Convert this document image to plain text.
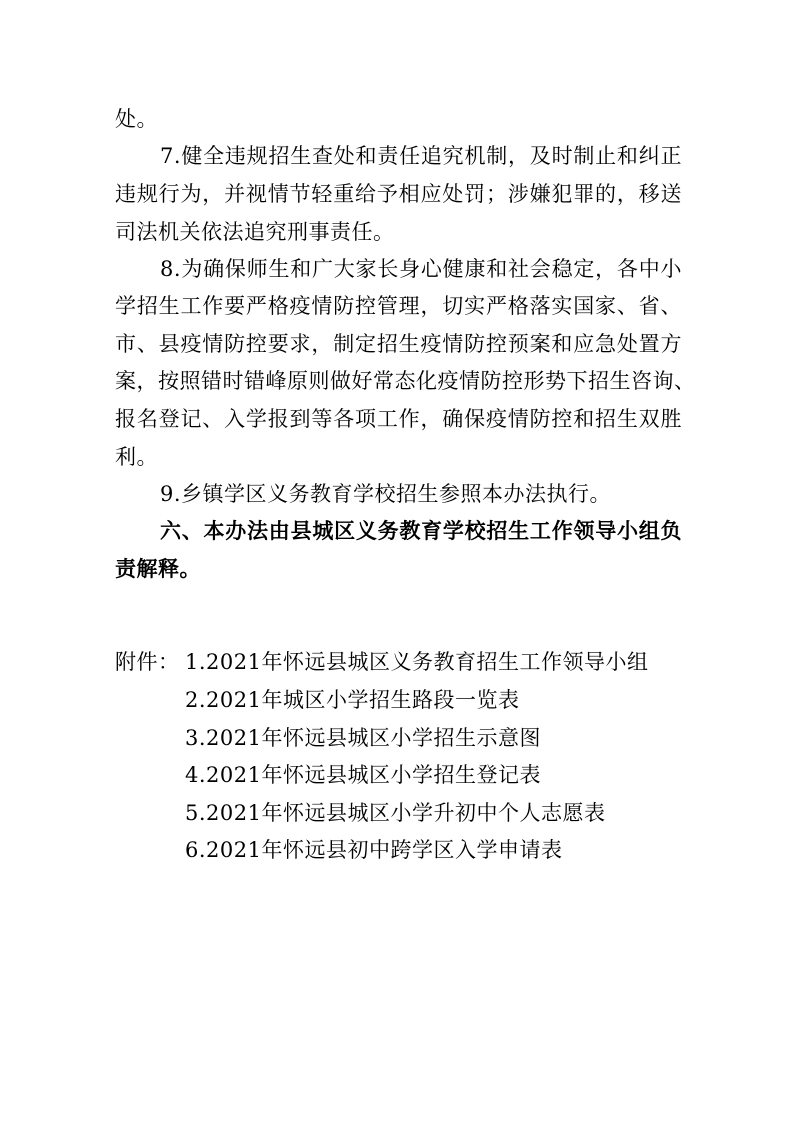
处。
7.健全违规招生查处和责任追究机制，及时制止和纠正
违规行为，并视情节轻重给予相应处罚；涉嫌犯罪的，移送
司法机关依法追究刑事责任。
8.为确保师生和广大家长身心健康和社会稳定，各中小
学招生工作要严格疫情防控管理，切实严格落实国家、省、
市、县疫情防控要求，制定招生疫情防控预案和应急处置方
案，按照错时错峰原则做好常态化疫情防控形势下招生咨询、
报名登记、入学报到等各项工作，确保疫情防控和招生双胜
利。
9.乡镇学区义务教育学校招生参照本办法执行。
六、本办法由县城区义务教育学校招生工作领导小组负
责解释。
附件： 1.2021年怀远县城区义务教育招生工作领导小组
2.2021年城区小学招生路段一览表
3.2021年怀远县城区小学招生示意图
4.2021年怀远县城区小学招生登记表
5.2021年怀远县城区小学升初中个人志愿表
6.2021年怀远县初中跨学区入学申请表
